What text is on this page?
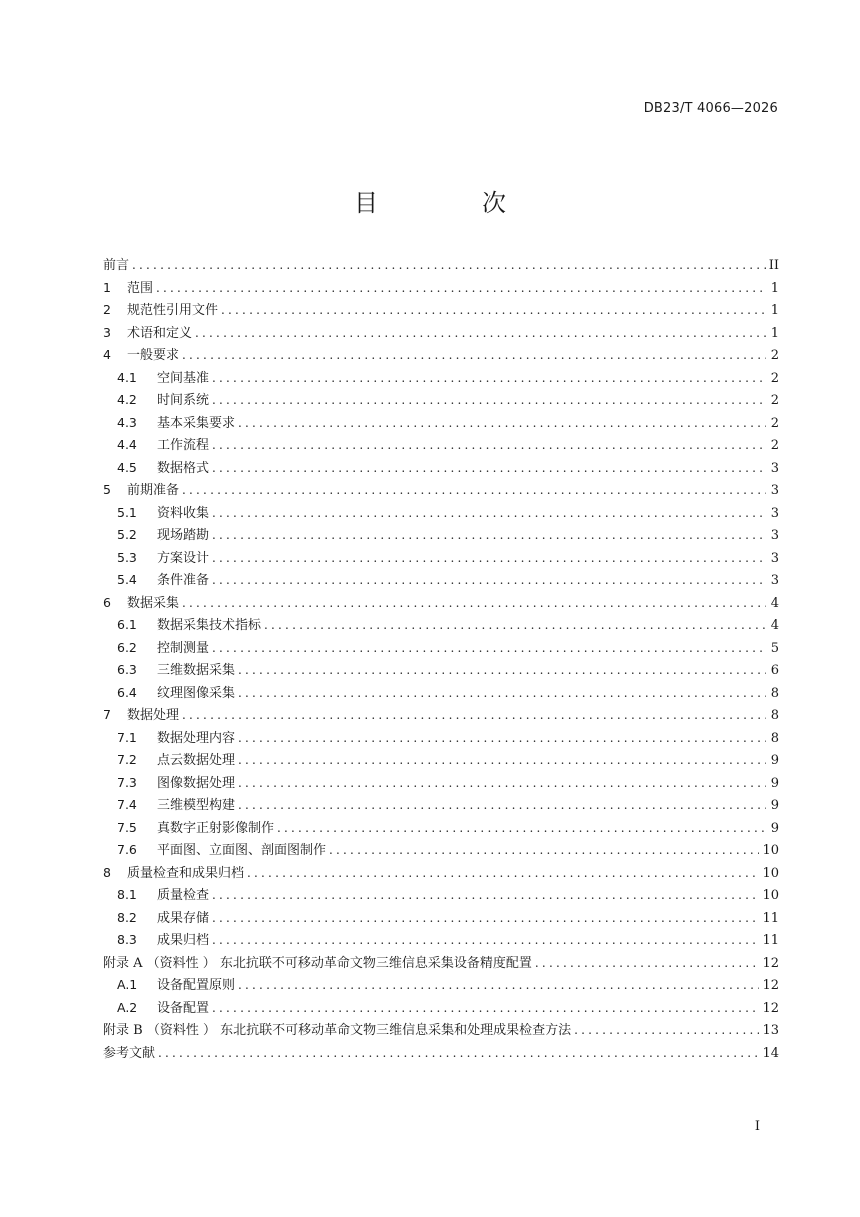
DB23/T 4066—2026
目　次
前言 .....	II
1	范围 .....	1
2	规范性引用文件 .....	1
3	术语和定义 .....	1
4	一般要求 .....	2
4.1	空间基准 .....	2
4.2	时间系统 .....	2
4.3	基本采集要求 .....	2
4.4	工作流程 .....	2
4.5	数据格式 .....	3
5	前期准备 .....	3
5.1	资料收集 .....	3
5.2	现场踏勘 .....	3
5.3	方案设计 .....	3
5.4	条件准备 .....	3
6	数据采集 .....	4
6.1	数据采集技术指标 .....	4
6.2	控制测量 .....	5
6.3	三维数据采集 .....	6
6.4	纹理图像采集 .....	8
7	数据处理 .....	8
7.1	数据处理内容 .....	8
7.2	点云数据处理 .....	9
7.3	图像数据处理 .....	9
7.4	三维模型构建 .....	9
7.5	真数字正射影像制作 .....	9
7.6	平面图、立面图、剖面图制作 .....	10
8	质量检查和成果归档 .....	10
8.1	质量检查 .....	10
8.2	成果存储 .....	11
8.3	成果归档 .....	11
附录 A （资料性 ） 东北抗联不可移动革命文物三维信息采集设备精度配置 .....	12
A.1	设备配置原则 .....	12
A.2	设备配置 .....	12
附录 B （资料性 ） 东北抗联不可移动革命文物三维信息采集和处理成果检查方法 .....	13
参考文献 .....	14
I
